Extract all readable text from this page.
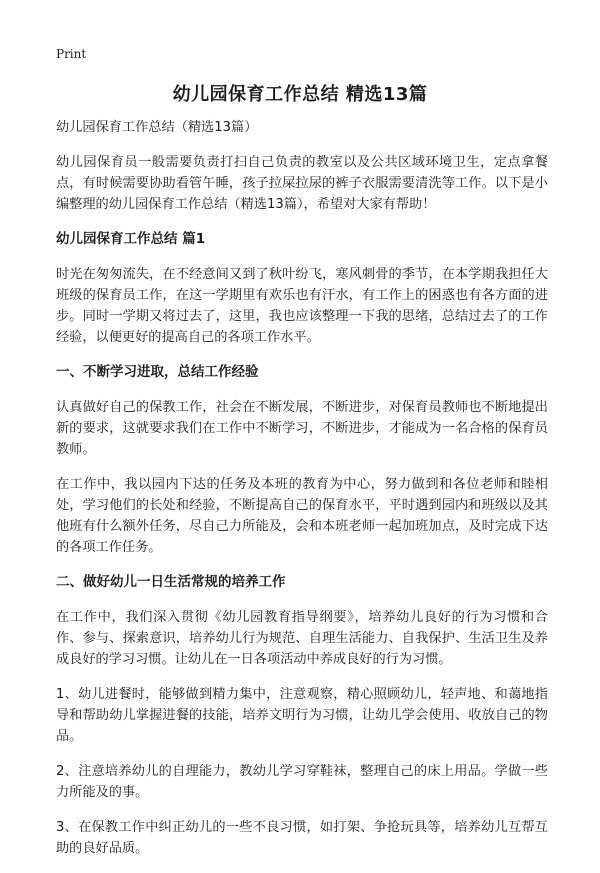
Print
幼儿园保育工作总结 精选13篇

幼儿园保育工作总结（精选13篇）

幼儿园保育员一般需要负责打扫自己负责的教室以及公共区域环境卫生，定点拿餐点，有时候需要协助看管午睡，孩子拉屎拉尿的裤子衣服需要清洗等工作。以下是小编整理的幼儿园保育工作总结（精选13篇），希望对大家有帮助！

幼儿园保育工作总结 篇1

时光在匆匆流失，在不经意间又到了秋叶纷飞，寒风刺骨的季节，在本学期我担任大班级的保育员工作，在这一学期里有欢乐也有汗水，有工作上的困惑也有各方面的进步。同时一学期又将过去了，这里，我也应该整理一下我的思绪，总结过去了的工作经验，以便更好的提高自己的各项工作水平。

一、不断学习进取，总结工作经验

认真做好自己的保教工作，社会在不断发展，不断进步，对保育员教师也不断地提出新的要求，这就要求我们在工作中不断学习，不断进步，才能成为一名合格的保育员教师。

在工作中，我以园内下达的任务及本班的教育为中心，努力做到和各位老师和睦相处，学习他们的长处和经验，不断提高自己的保育水平，平时遇到园内和班级以及其他班有什么额外任务，尽自己力所能及，会和本班老师一起加班加点，及时完成下达的各项工作任务。

二、做好幼儿一日生活常规的培养工作

在工作中，我们深入贯彻《幼儿园教育指导纲要》，培养幼儿良好的行为习惯和合作、参与、探索意识，培养幼儿行为规范、自理生活能力、自我保护、生活卫生及养成良好的学习习惯。让幼儿在一日各项活动中养成良好的行为习惯。

1、幼儿进餐时，能够做到精力集中，注意观察，精心照顾幼儿，轻声地、和蔼地指导和帮助幼儿掌握进餐的技能，培养文明行为习惯，让幼儿学会使用、收放自己的物品。

2、注意培养幼儿的自理能力，教幼儿学习穿鞋袜，整理自己的床上用品。学做一些力所能及的事。

3、在保教工作中纠正幼儿的一些不良习惯，如打架、争抢玩具等，培养幼儿互帮互助的良好品质。
